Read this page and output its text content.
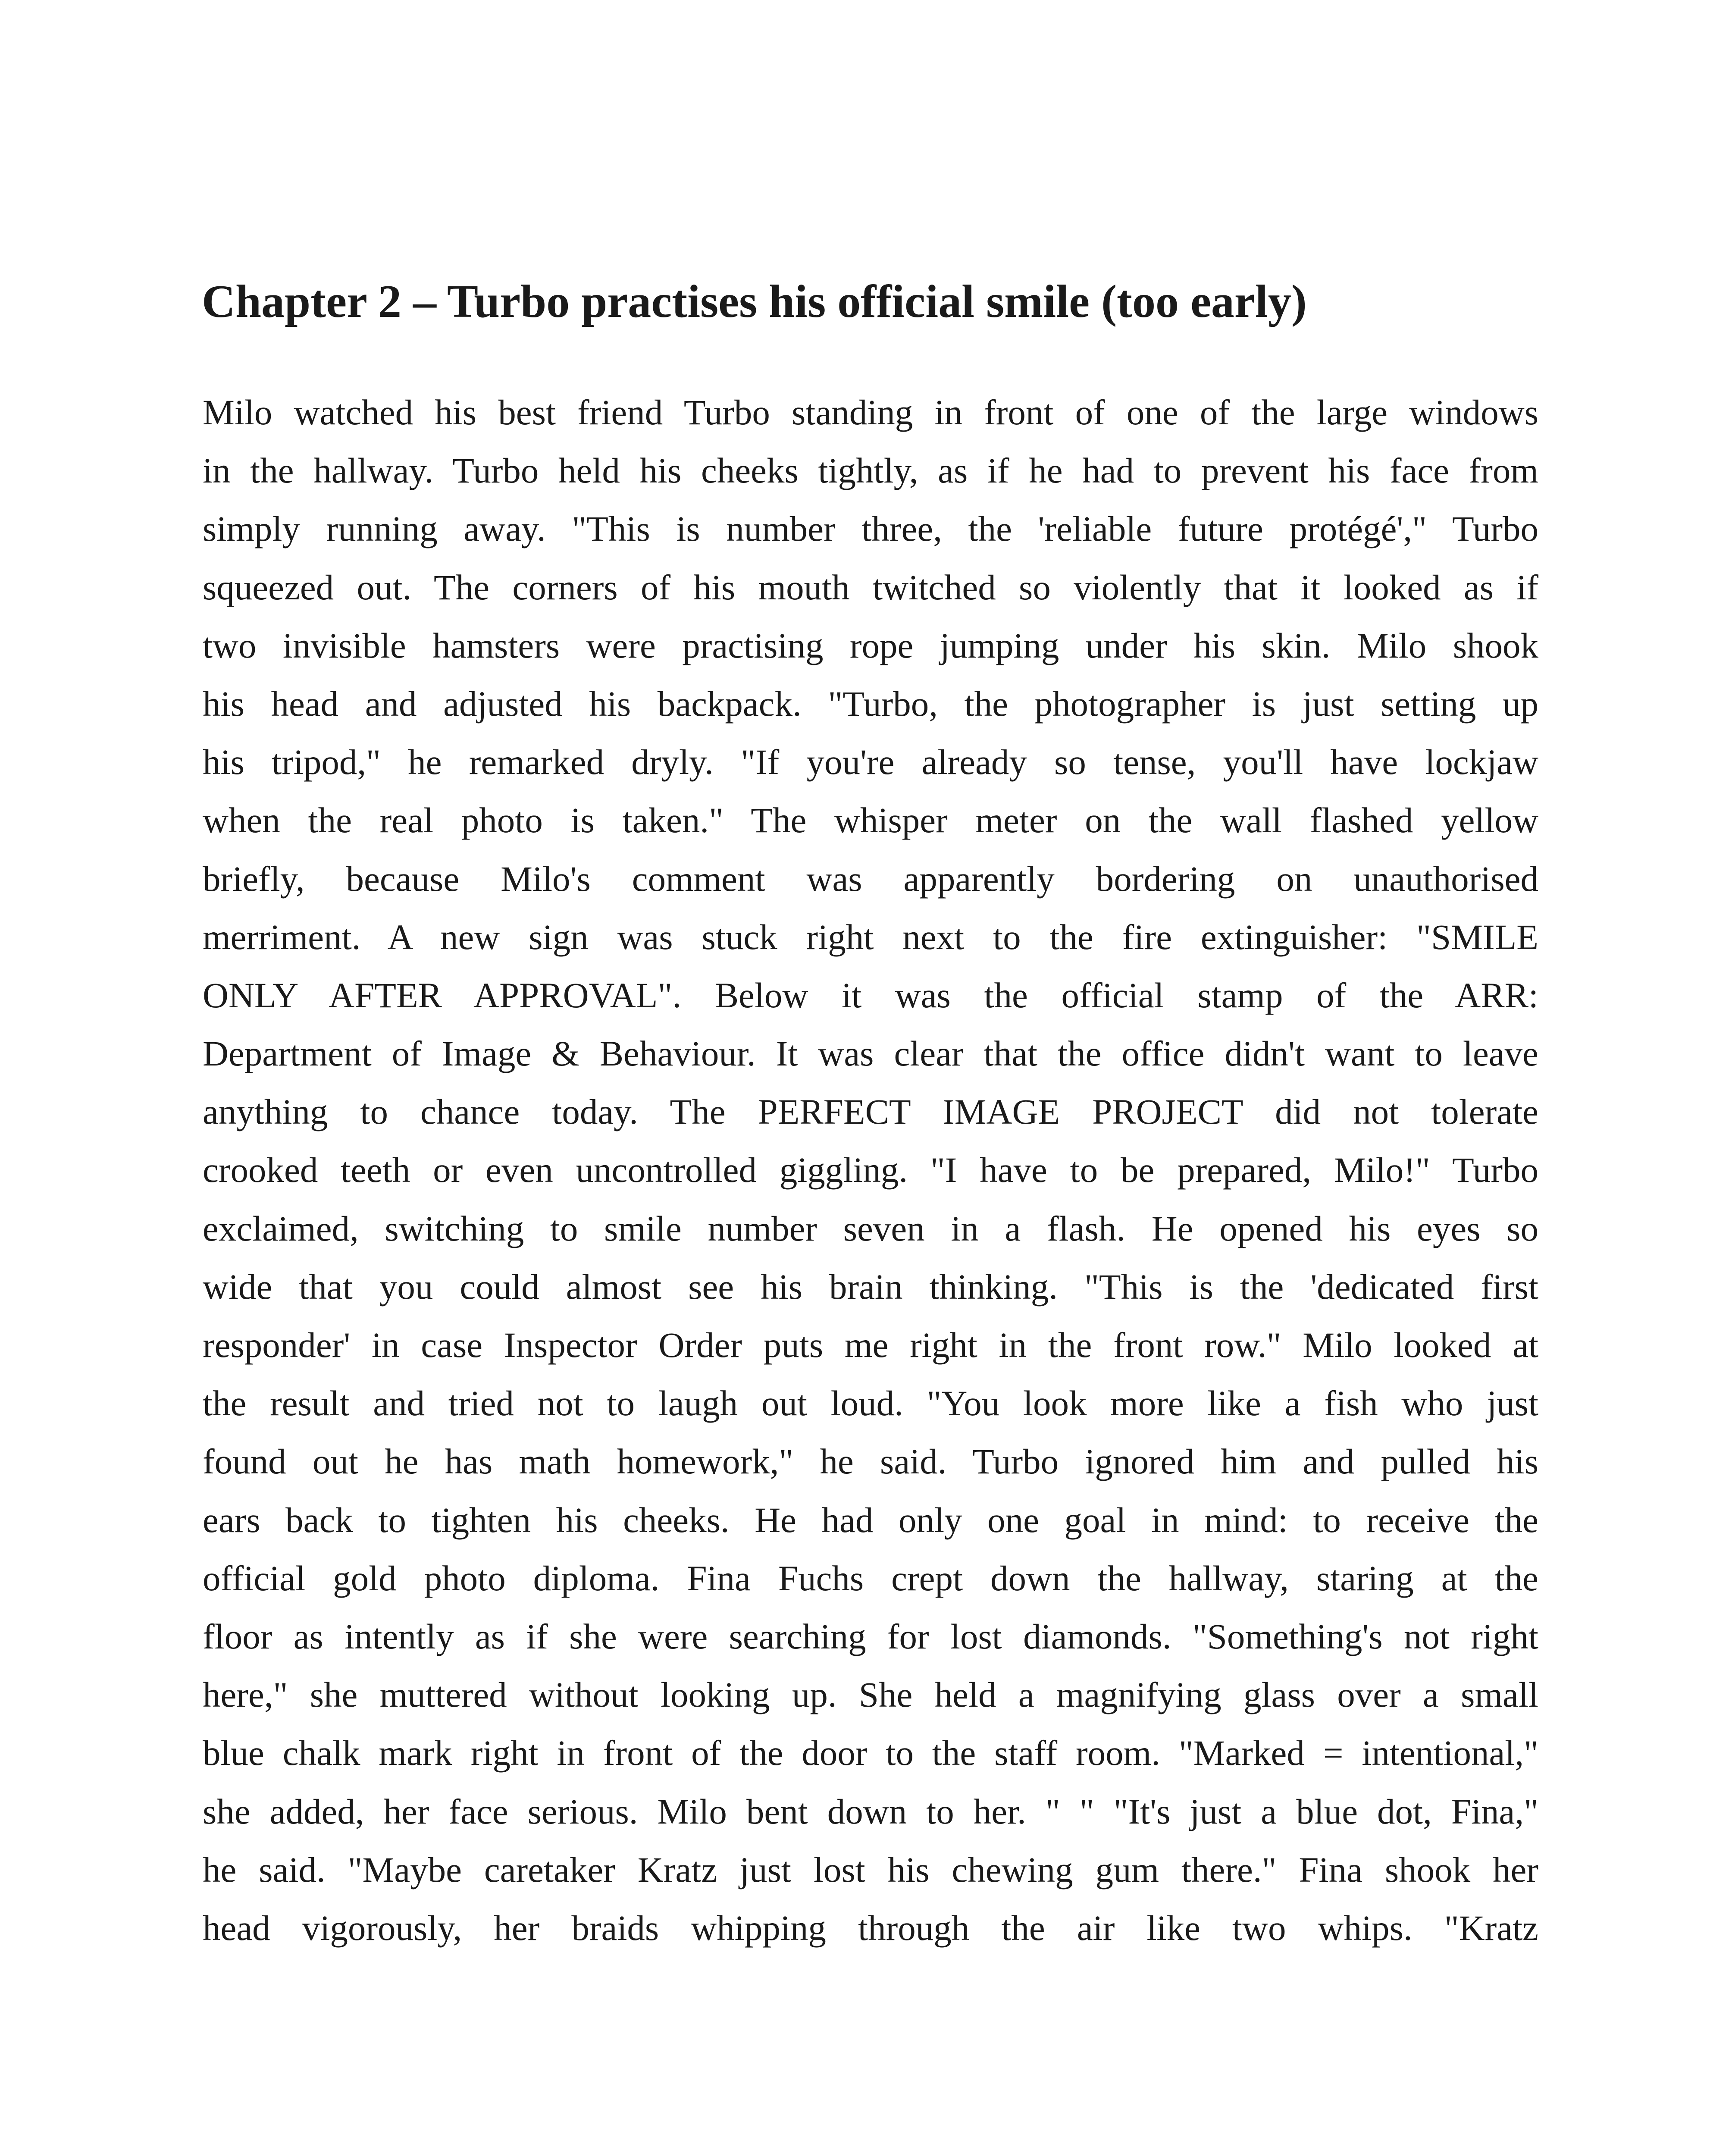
Chapter 2 – Turbo practises his official smile (too early)
Milo watched his best friend Turbo standing in front of one of the large windows
in the hallway. Turbo held his cheeks tightly, as if he had to prevent his face from
simply running away. "This is number three, the 'reliable future protégé'," Turbo
squeezed out. The corners of his mouth twitched so violently that it looked as if
two invisible hamsters were practising rope jumping under his skin. Milo shook
his head and adjusted his backpack. "Turbo, the photographer is just setting up
his tripod," he remarked dryly. "If you're already so tense, you'll have lockjaw
when the real photo is taken." The whisper meter on the wall flashed yellow
briefly, because Milo's comment was apparently bordering on unauthorised
merriment. A new sign was stuck right next to the fire extinguisher: "SMILE
ONLY AFTER APPROVAL". Below it was the official stamp of the ARR:
Department of Image & Behaviour. It was clear that the office didn't want to leave
anything to chance today. The PERFECT IMAGE PROJECT did not tolerate
crooked teeth or even uncontrolled giggling. "I have to be prepared, Milo!" Turbo
exclaimed, switching to smile number seven in a flash. He opened his eyes so
wide that you could almost see his brain thinking. "This is the 'dedicated first
responder' in case Inspector Order puts me right in the front row." Milo looked at
the result and tried not to laugh out loud. "You look more like a fish who just
found out he has math homework," he said. Turbo ignored him and pulled his
ears back to tighten his cheeks. He had only one goal in mind: to receive the
official gold photo diploma. Fina Fuchs crept down the hallway, staring at the
floor as intently as if she were searching for lost diamonds. "Something's not right
here," she muttered without looking up. She held a magnifying glass over a small
blue chalk mark right in front of the door to the staff room. "Marked = intentional,"
she added, her face serious. Milo bent down to her. " " "It's just a blue dot, Fina,"
he said. "Maybe caretaker Kratz just lost his chewing gum there." Fina shook her
head vigorously, her braids whipping through the air like two whips. "Kratz
